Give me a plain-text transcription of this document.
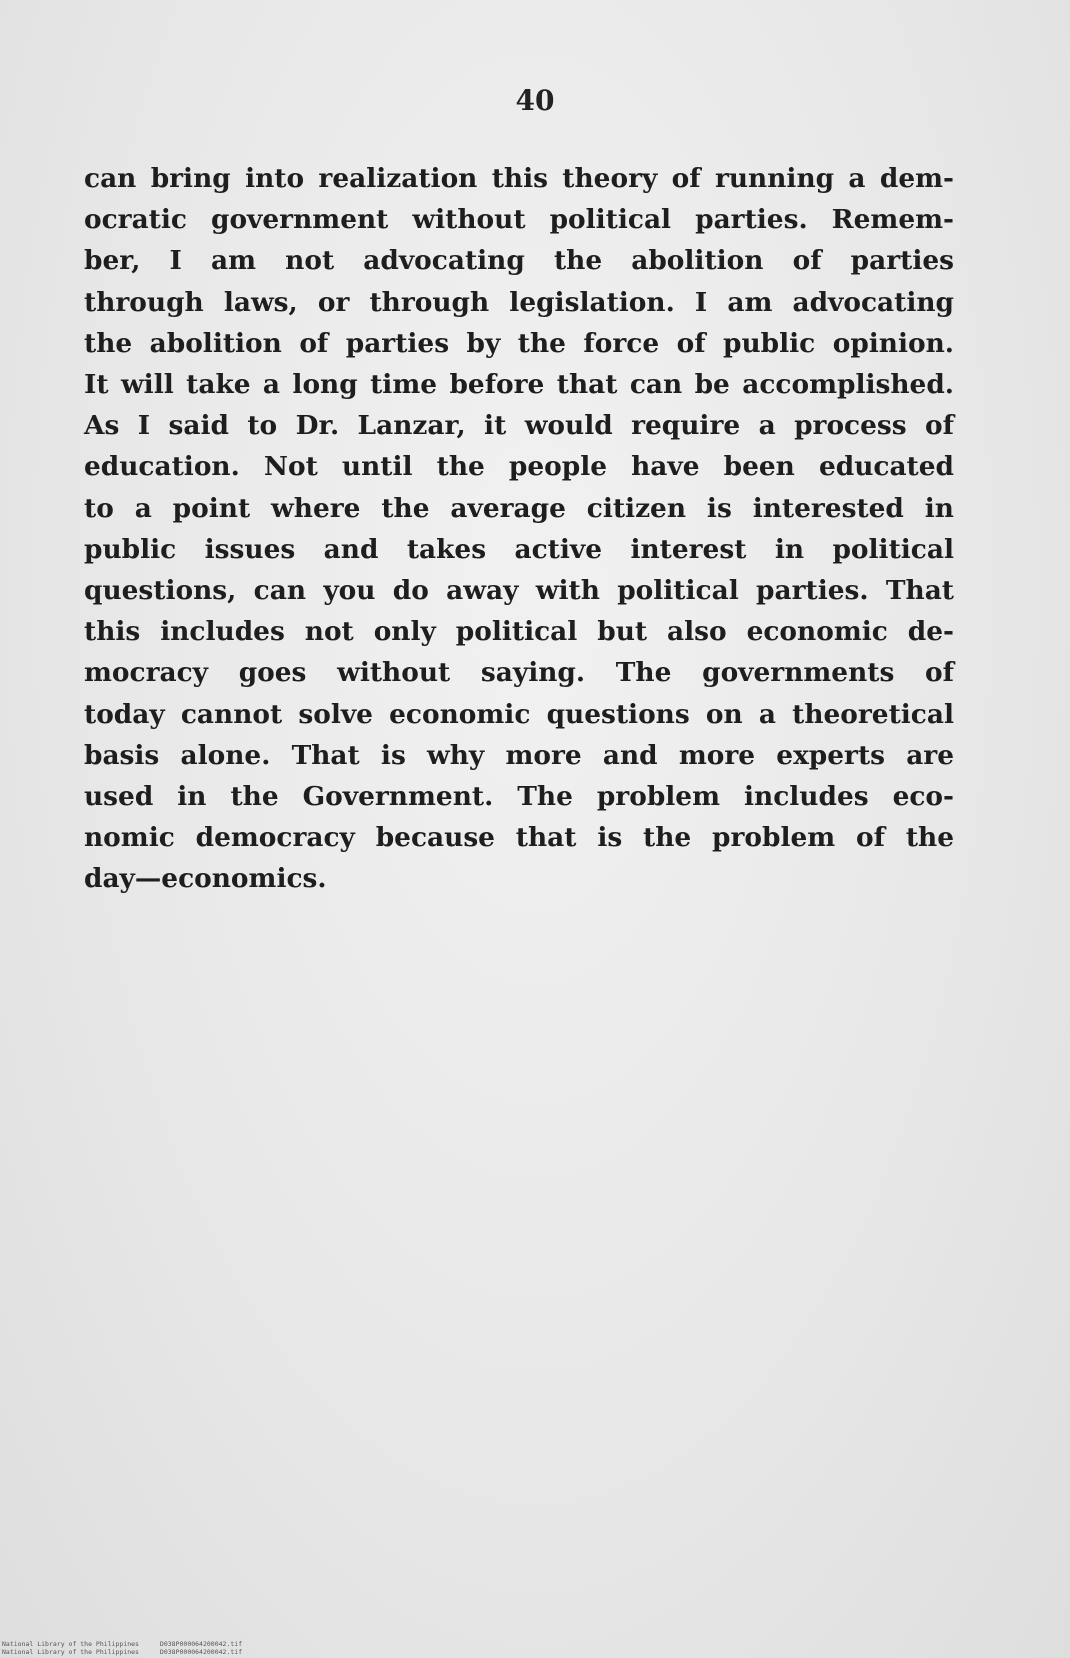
40

can bring into realization this theory of running a dem-
ocratic government without political parties. Remem-
ber, I am not advocating the abolition of parties
through laws, or through legislation. I am advocating
the abolition of parties by the force of public opinion.
It will take a long time before that can be accomplished.
As I said to Dr. Lanzar, it would require a process of
education. Not until the people have been educated
to a point where the average citizen is interested in
public issues and takes active interest in political
questions, can you do away with political parties. That
this includes not only political but also economic de-
mocracy goes without saying. The governments of
today cannot solve economic questions on a theoretical
basis alone. That is why more and more experts are
used in the Government. The problem includes eco-
nomic democracy because that is the problem of the
day—economics.

National Library of the Philippines	D038P000064200042.tif
National Library of the Philippines	D038P000064200042.tif
